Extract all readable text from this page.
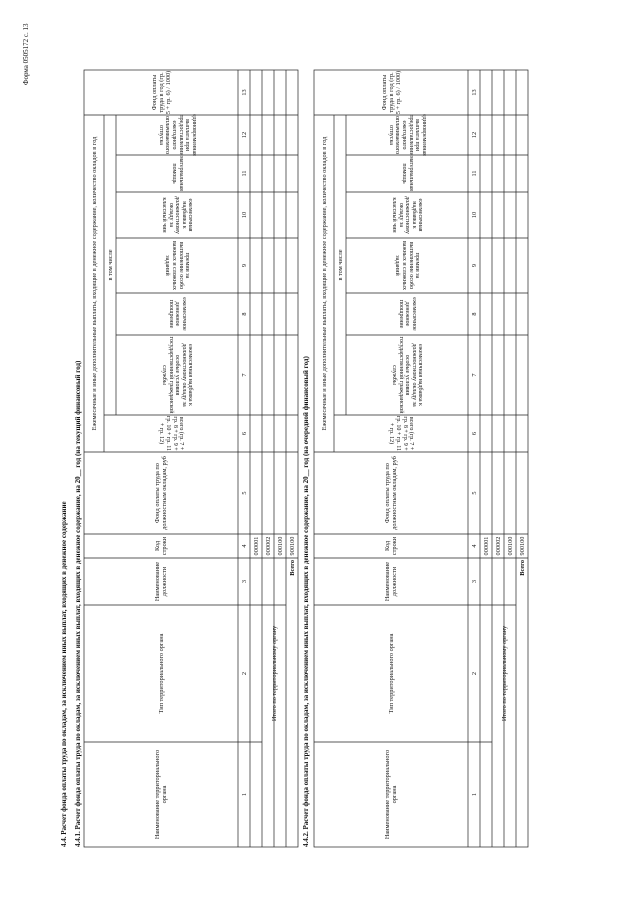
Форма 0505172 с. 13
4.4. Расчет фонда оплаты труда по окладам, за исключением иных выплат, входящих в денежное содержание 4.4.1. Расчет фонда оплаты труда по окладам, за исключением иных выплат, входящих в денежное содержание, на 20__ год (на текущий финансовый год)	Наименование территориального органа
Тип территориального органа
Наименование должности
Код строки
Фонд оплаты труда по должностным окладам, руб
Ежемесячные и иные дополнительные выплаты, входящие в денежное содержание, количество окладов в год
всего (гр. 7 + гр. 8 + гр. 9 + гр. 10 + гр. 11 + гр. 12)
в том числе
ежемесячная надбавка к должностному окладу за особые условия государственной гражданской службы
ежемесячное денежное поощрение
премии за выполнение особо важных и сложных заданий
ежемесячная надбавка к должностному окладу за классный чин
материальная помощь
единовременная выплата при предоставлении ежегодного оплачиваемого отпуска
Фонд оплаты труда в год (гр. 5 + гр. 6) / 1000)
1
2
3
4
5
6
7
8
9
10
11
12
13
000001 000002
Итого по территориальному органу
000100
Всего
900100 4.4.2. Расчет фонда оплаты труда по окладам, за исключением иных выплат, входящих в денежное содержание, на 20__ год (на очередной финансовый год)	Наименование территориального органа
Тип территориального органа
Наименование должности
Код строки
Фонд оплаты труда по должностным окладам, руб
Ежемесячные и иные дополнительные выплаты, входящие в денежное содержание, количество окладов в год
всего (гр. 7 + гр. 8 + гр. 9 + гр. 10 + гр. 11 + гр. 12)
в том числе
ежемесячная надбавка к должностному окладу за особые условия государственной гражданской службы
ежемесячное денежное поощрение
премии за выполнение особо важных и сложных заданий
ежемесячная надбавка к должностному окладу за классный чин
материальная помощь
единовременная выплата при предоставлении ежегодного оплачиваемого отпуска
Фонд оплаты труда в год (гр. 5 + гр. 6) / 1000)
1
2
3
4
5
6
7
8
9
10
11
12
13
000001 000002
Итого по территориальному органу
000100
Всего
900100
